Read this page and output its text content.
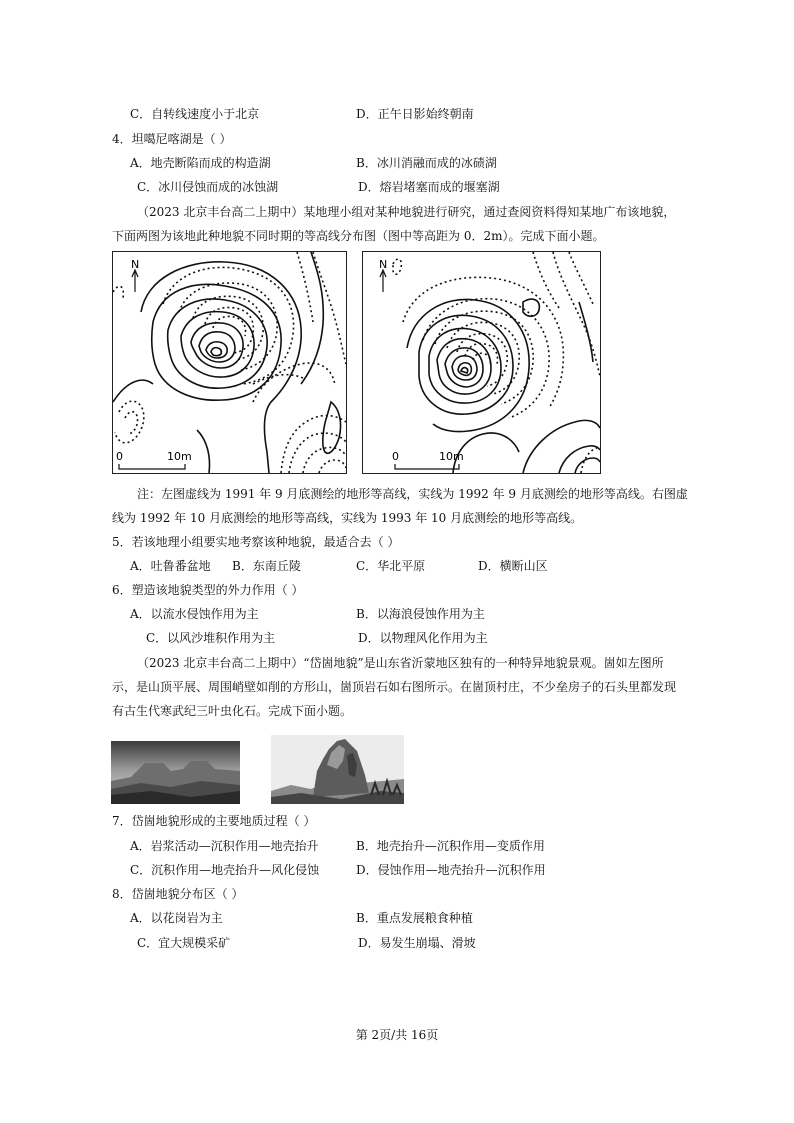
C．自转线速度小于北京	D．正午日影始终朝南
4．坦噶尼喀湖是（ ）
A．地壳断陷而成的构造湖	B．冰川消融而成的冰碛湖
C．冰川侵蚀而成的冰蚀湖	D．熔岩堵塞而成的堰塞湖
（2023 北京丰台高二上期中）某地理小组对某种地貌进行研究，通过查阅资料得知某地广布该地貌，
下面两图为该地此种地貌不同时期的等高线分布图（图中等高距为 0．2m）。完成下面小题。
N
0	10m
N
0	10m
注：左图虚线为 1991 年 9 月底测绘的地形等高线，实线为 1992 年 9 月底测绘的地形等高线。右图虚
线为 1992 年 10 月底测绘的地形等高线，实线为 1993 年 10 月底测绘的地形等高线。
5．若该地理小组要实地考察该种地貌，最适合去（ ）
A．吐鲁番盆地 B．东南丘陵	C．华北平原	D．横断山区
6．塑造该地貌类型的外力作用（ ）
A．以流水侵蚀作用为主	B．以海浪侵蚀作用为主
C．以风沙堆积作用为主	D．以物理风化作用为主
（2023 北京丰台高二上期中）“岱崮地貌”是山东省沂蒙地区独有的一种特异地貌景观。崮如左图所
示，是山顶平展、周围峭壁如削的方形山，崮顶岩石如右图所示。在崮顶村庄，不少垒房子的石头里都发现
有古生代寒武纪三叶虫化石。完成下面小题。
7．岱崮地貌形成的主要地质过程（ ）
A．岩浆活动—沉积作用—地壳抬升	B．地壳抬升—沉积作用—变质作用
C．沉积作用—地壳抬升—风化侵蚀	D．侵蚀作用—地壳抬升—沉积作用
8．岱崮地貌分布区（ ）
A．以花岗岩为主	B．重点发展粮食种植
C．宜大规模采矿	D．易发生崩塌、滑坡
第 2页/共 16页
